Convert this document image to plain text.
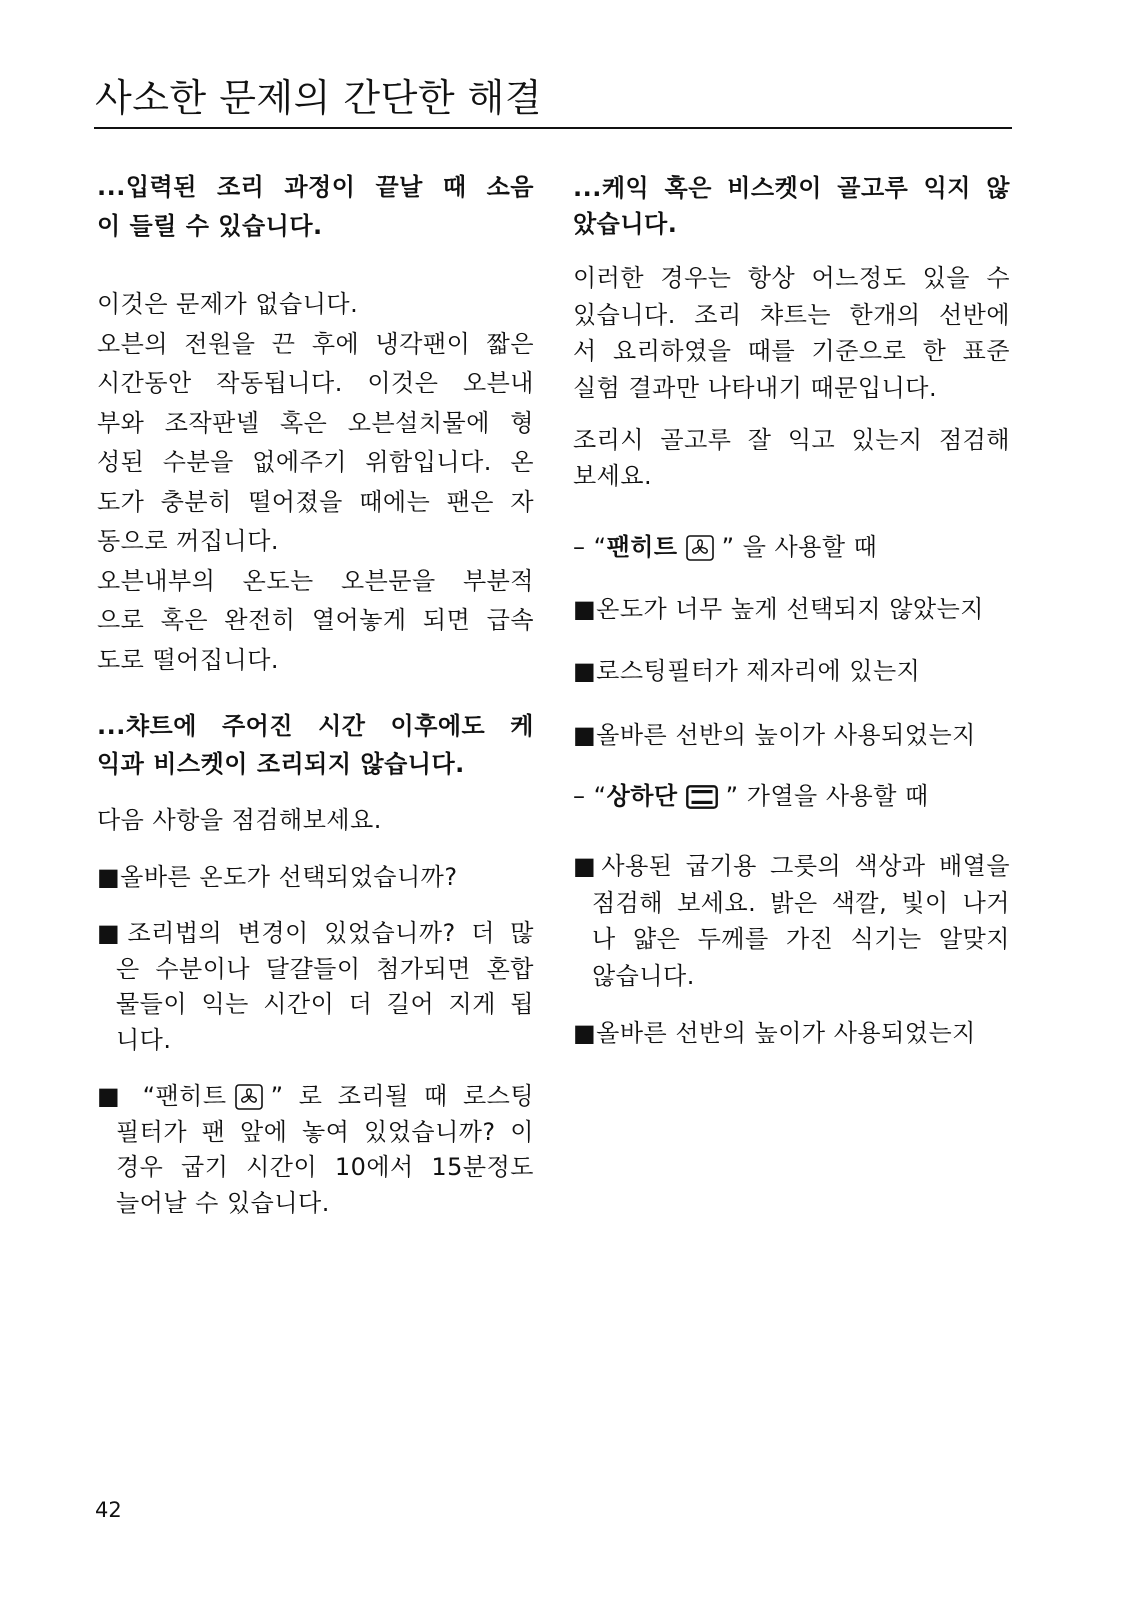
사소한 문제의 간단한 해결
...입력된 조리 과정이 끝날 때 소음
이 들릴 수 있습니다.
이것은 문제가 없습니다.
오븐의 전원을 끈 후에 냉각팬이 짧은
시간동안 작동됩니다. 이것은 오븐내
부와 조작판넬 혹은 오븐설치물에 형
성된 수분을 없에주기 위함입니다. 온
도가 충분히 떨어졌을 때에는 팬은 자
동으로 꺼집니다.
오븐내부의 온도는 오븐문을 부분적
으로 혹은 완전히 열어놓게 되면 급속
도로 떨어집니다.
...챠트에 주어진 시간 이후에도 케
익과 비스켓이 조리되지 않습니다.
다음 사항을 점검해보세요.
■올바른 온도가 선택되었습니까?
■조리법의 변경이 있었습니까? 더 많
은 수분이나 달걀들이 첨가되면 혼합
물들이 익는 시간이 더 길어 지게 됩
니다.
■ “팬히트 ” 로 조리될 때 로스팅
필터가 팬 앞에 놓여 있었습니까? 이
경우 굽기 시간이 10에서 15분정도
늘어날 수 있습니다.
...케익 혹은 비스켓이 골고루 익지 않
았습니다.
이러한 경우는 항상 어느정도 있을 수
있습니다. 조리 챠트는 한개의 선반에
서 요리하였을 때를 기준으로 한 표준
실험 결과만 나타내기 때문입니다.
조리시 골고루 잘 익고 있는지 점검해
보세요.
– “팬히트 ” 을 사용할 때
■온도가 너무 높게 선택되지 않았는지
■로스팅필터가 제자리에 있는지
■올바른 선반의 높이가 사용되었는지
– “상하단 ” 가열을 사용할 때
■사용된 굽기용 그릇의 색상과 배열을
점검해 보세요. 밝은 색깔, 빛이 나거
나 얇은 두께를 가진 식기는 알맞지
않습니다.
■올바른 선반의 높이가 사용되었는지
42
